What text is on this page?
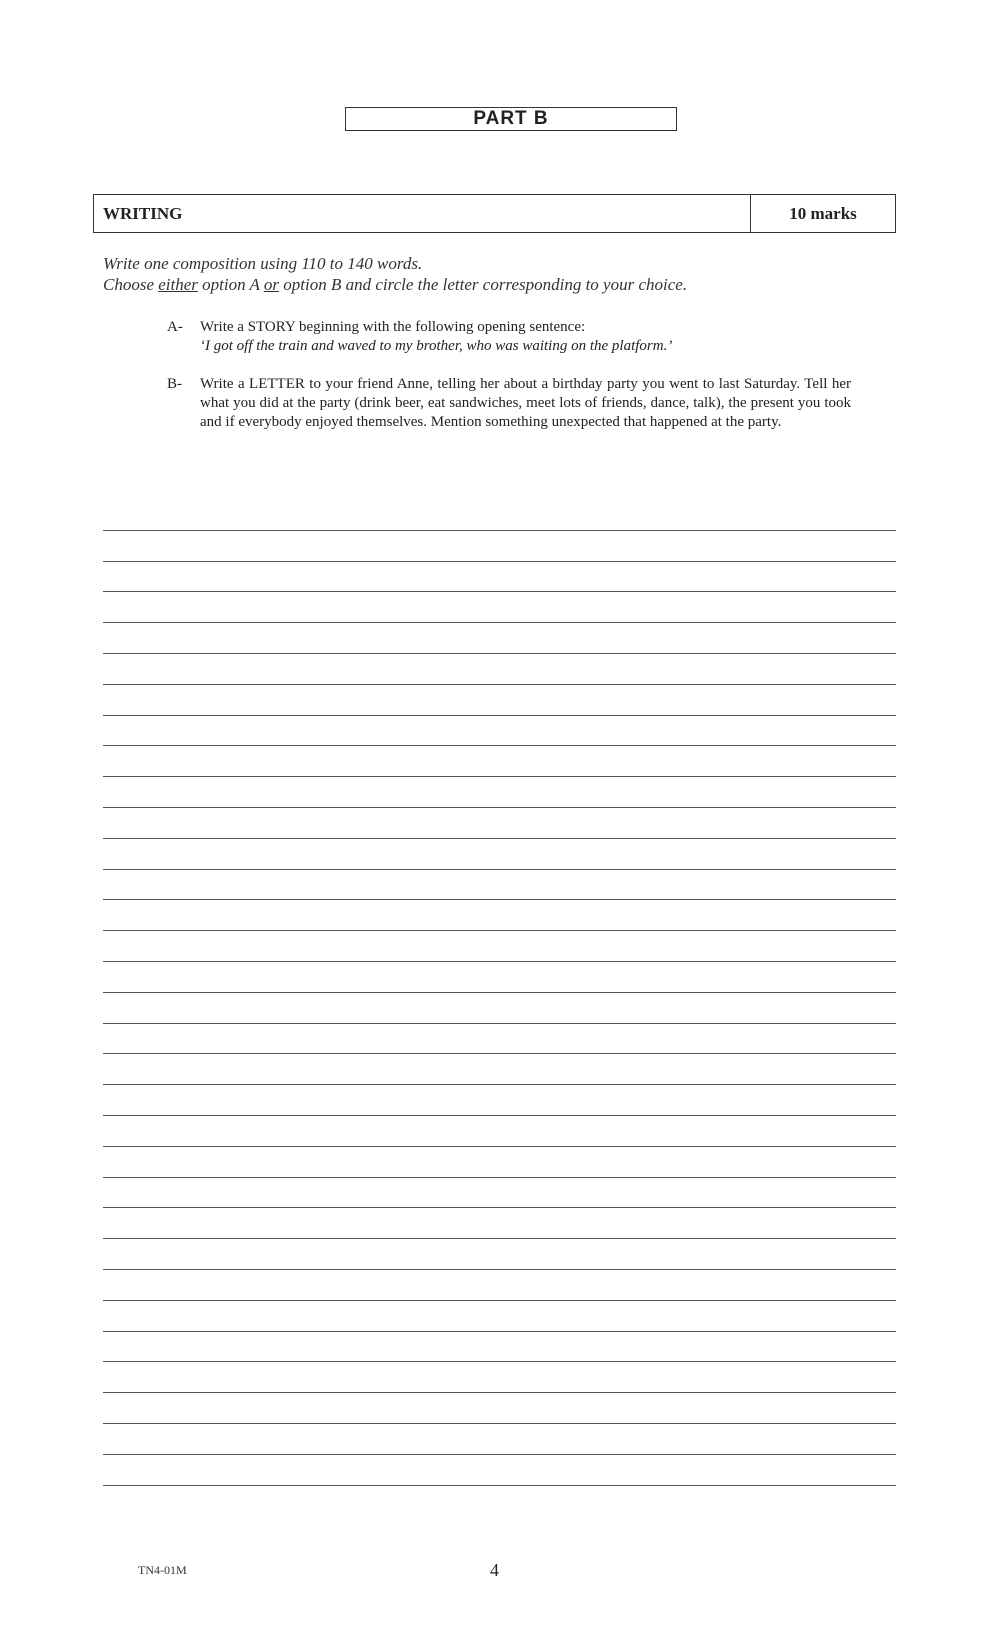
PART B
WRITING	10 marks
Write one composition using 110 to 140 words.
Choose either option A or option B and circle the letter corresponding to your choice.
A-	Write a STORY beginning with the following opening sentence:
‘I got off the train and waved to my brother, who was waiting on the platform.’
B-	Write a LETTER to your friend Anne, telling her about a birthday party you went to last Saturday. Tell her what you did at the party (drink beer, eat sandwiches, meet lots of friends, dance, talk), the present you took and if everybody enjoyed themselves. Mention something unexpected that happened at the party.
TN4-01M	4
